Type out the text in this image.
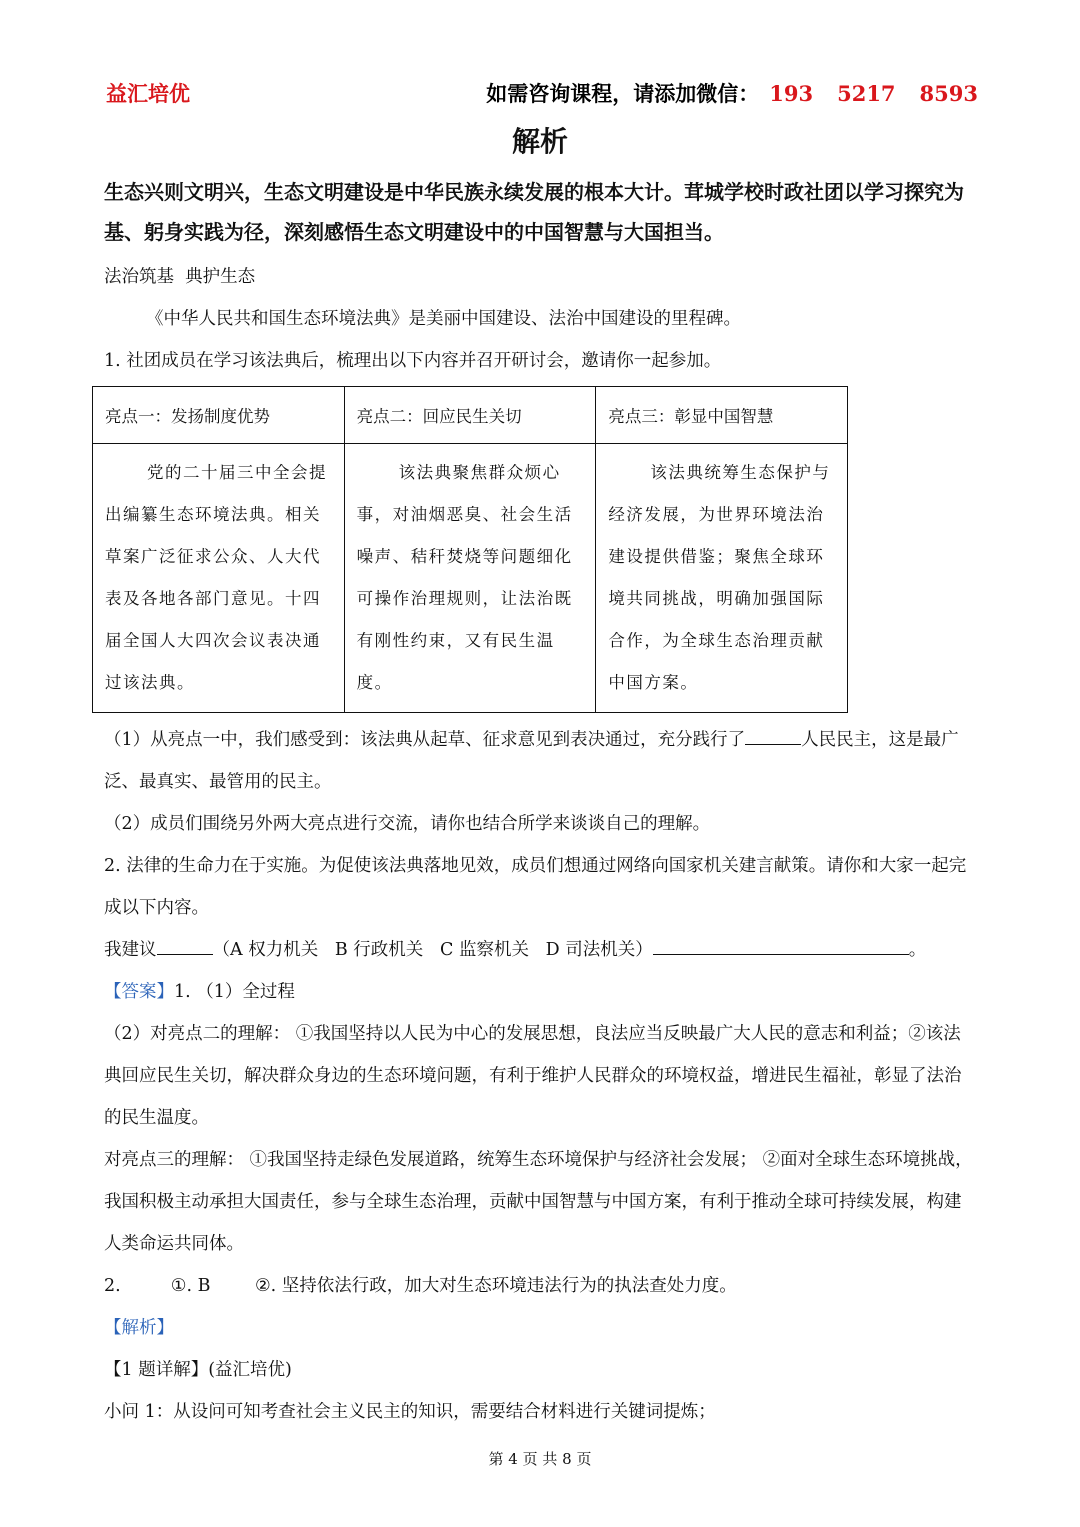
益汇培优	如需咨询课程，请添加微信： 193 5217 8593
解析

生态兴则文明兴，生态文明建设是中华民族永续发展的根本大计。茸城学校时政社团以学习探究为基、躬身实践为径，深刻感悟生态文明建设中的中国智慧与大国担当。

法治筑基  典护生态

《中华人民共和国生态环境法典》是美丽中国建设、法治中国建设的里程碑。

1. 社团成员在学习该法典后，梳理出以下内容并召开研讨会，邀请你一起参加。

亮点一：发扬制度优势	亮点二：回应民生关切	亮点三：彰显中国智慧

党的二十届三中全会提出编纂生态环境法典。相关草案广泛征求公众、人大代表及各地各部门意见。十四届全国人大四次会议表决通过该法典。	该法典聚焦群众烦心事，对油烟恶臭、社会生活噪声、秸秆焚烧等问题细化可操作治理规则，让法治既有刚性约束，又有民生温度。	该法典统筹生态保护与经济发展，为世界环境法治建设提供借鉴；聚焦全球环境共同挑战，明确加强国际合作，为全球生态治理贡献中国方案。

（1）从亮点一中，我们感受到：该法典从起草、征求意见到表决通过，充分践行了	人民民主，这是最广泛、最真实、最管用的民主。

（2）成员们围绕另外两大亮点进行交流，请你也结合所学来谈谈自己的理解。

2. 法律的生命力在于实施。为促使该法典落地见效，成员们想通过网络向国家机关建言献策。请你和大家一起完成以下内容。

我建议	（A 权力机关   B 行政机关   C 监察机关   D 司法机关）	。

【答案】1. （1）全过程

（2）对亮点二的理解： ①我国坚持以人民为中心的发展思想，良法应当反映最广大人民的意志和利益；②该法典回应民生关切，解决群众身边的生态环境问题，有利于维护人民群众的环境权益，增进民生福祉，彰显了法治的民生温度。

对亮点三的理解： ①我国坚持走绿色发展道路，统筹生态环境保护与经济社会发展； ②面对全球生态环境挑战，我国积极主动承担大国责任，参与全球生态治理，贡献中国智慧与中国方案，有利于推动全球可持续发展，构建人类命运共同体。

2.         ①. B        ②. 坚持依法行政，加大对生态环境违法行为的执法查处力度。

【解析】

【1 题详解】(益汇培优)

小问 1：从设问可知考查社会主义民主的知识，需要结合材料进行关键词提炼；

第 4 页 共 8 页
